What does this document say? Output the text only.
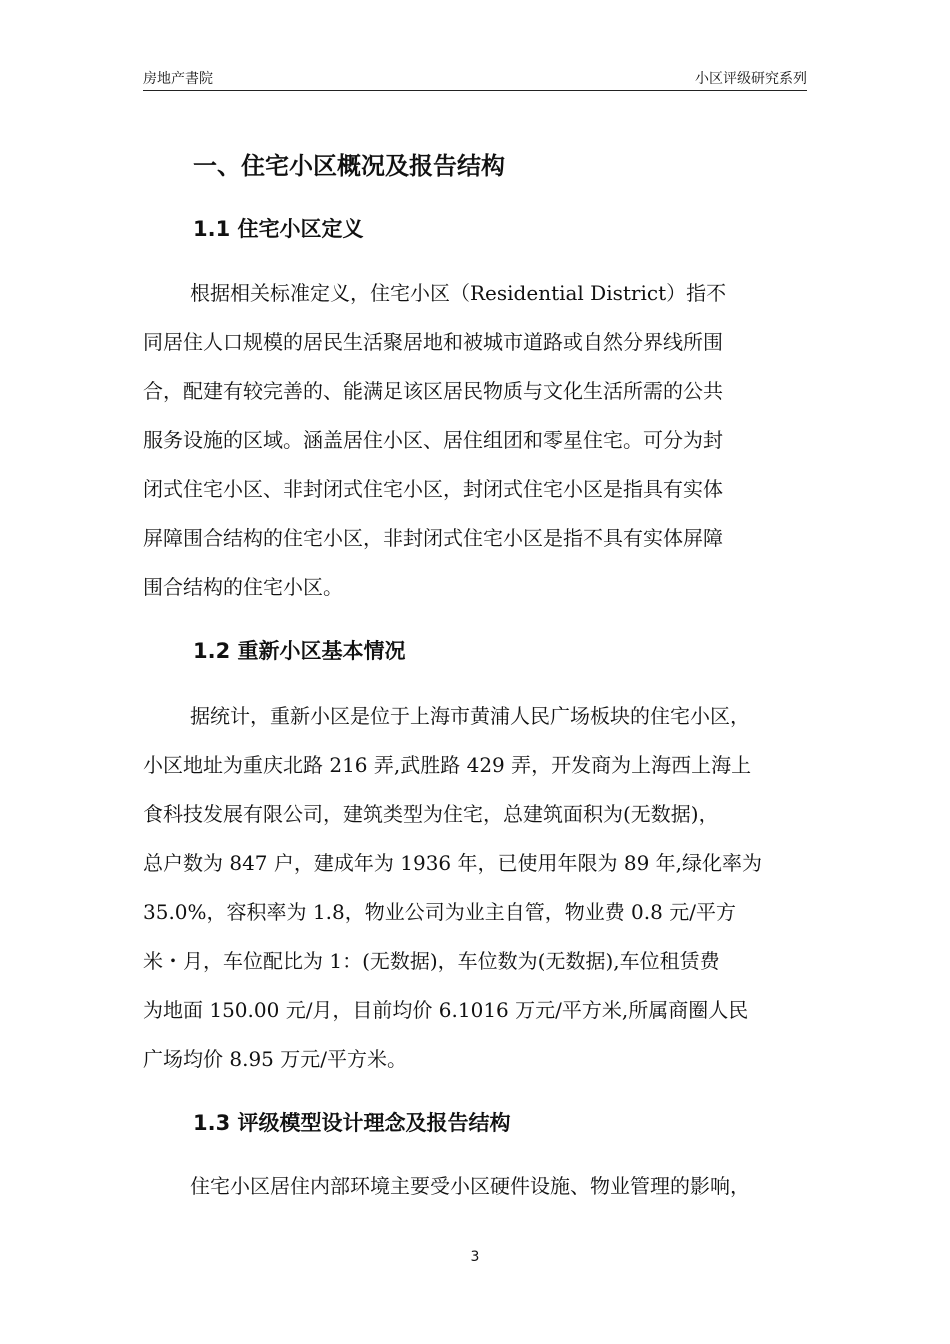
房地产書院	小区评级研究系列
一、住宅小区概况及报告结构
1.1 住宅小区定义
根据相关标准定义，住宅小区（Residential District）指不
同居住人口规模的居民生活聚居地和被城市道路或自然分界线所围
合，配建有较完善的、能满足该区居民物质与文化生活所需的公共
服务设施的区域。涵盖居住小区、居住组团和零星住宅。可分为封
闭式住宅小区、非封闭式住宅小区，封闭式住宅小区是指具有实体
屏障围合结构的住宅小区，非封闭式住宅小区是指不具有实体屏障
围合结构的住宅小区。
1.2 重新小区基本情况
据统计，重新小区是位于上海市黄浦人民广场板块的住宅小区，
小区地址为重庆北路 216 弄,武胜路 429 弄，开发商为上海西上海上
食科技发展有限公司，建筑类型为住宅，总建筑面积为(无数据)，
总户数为 847 户，建成年为 1936 年，已使用年限为 89 年,绿化率为
35.0%，容积率为 1.8，物业公司为业主自管，物业费 0.8 元/平方
米・月，车位配比为 1：(无数据)，车位数为(无数据),车位租赁费
为地面 150.00 元/月，目前均价 6.1016 万元/平方米,所属商圈人民
广场均价 8.95 万元/平方米。
1.3 评级模型设计理念及报告结构
住宅小区居住内部环境主要受小区硬件设施、物业管理的影响，
3
